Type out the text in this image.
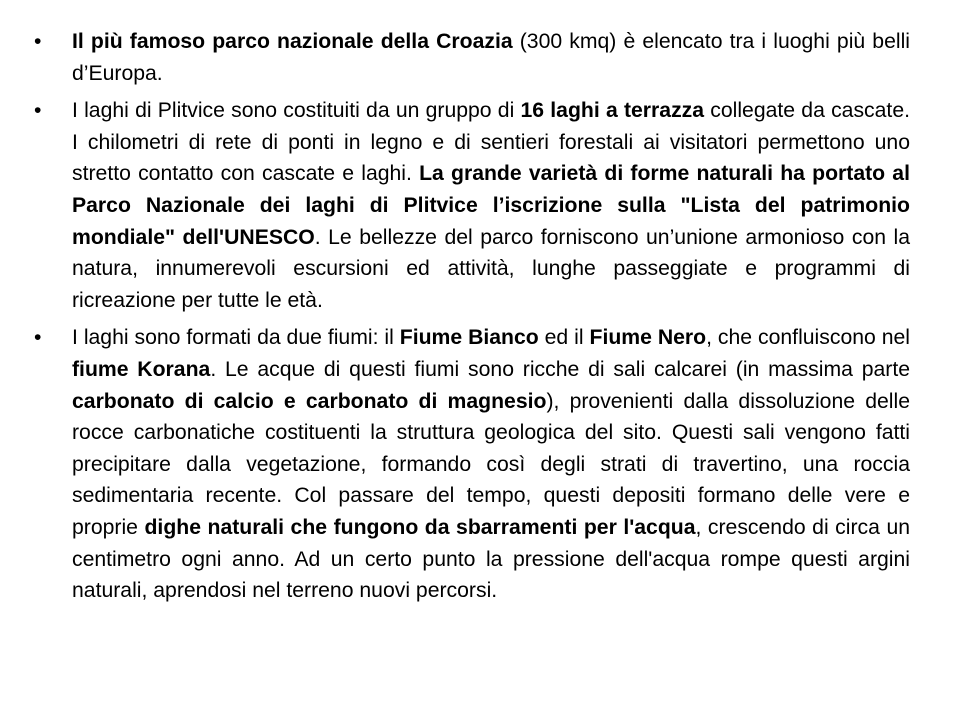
•	Il più famoso parco nazionale della Croazia (300 kmq) è elencato tra i luoghi più belli d’Europa.
•	I laghi di Plitvice sono costituiti da un gruppo di 16 laghi a terrazza collegate da cascate. I chilometri di rete di ponti in legno e di sentieri forestali ai visitatori permettono uno stretto contatto con cascate e laghi. La grande varietà di forme naturali ha portato al Parco Nazionale dei laghi di Plitvice l’iscrizione sulla "Lista del patrimonio mondiale" dell'UNESCO. Le bellezze del parco forniscono un’unione armonioso con la natura, innumerevoli escursioni ed attività, lunghe passeggiate e programmi di ricreazione per tutte le età.
•	I laghi sono formati da due fiumi: il Fiume Bianco ed il Fiume Nero, che confluiscono nel fiume Korana. Le acque di questi fiumi sono ricche di sali calcarei (in massima parte carbonato di calcio e carbonato di magnesio), provenienti dalla dissoluzione delle rocce carbonatiche costituenti la struttura geologica del sito. Questi sali vengono fatti precipitare dalla vegetazione, formando così degli strati di travertino, una roccia sedimentaria recente. Col passare del tempo, questi depositi formano delle vere e proprie dighe naturali che fungono da sbarramenti per l'acqua, crescendo di circa un centimetro ogni anno. Ad un certo punto la pressione dell'acqua rompe questi argini naturali, aprendosi nel terreno nuovi percorsi.
